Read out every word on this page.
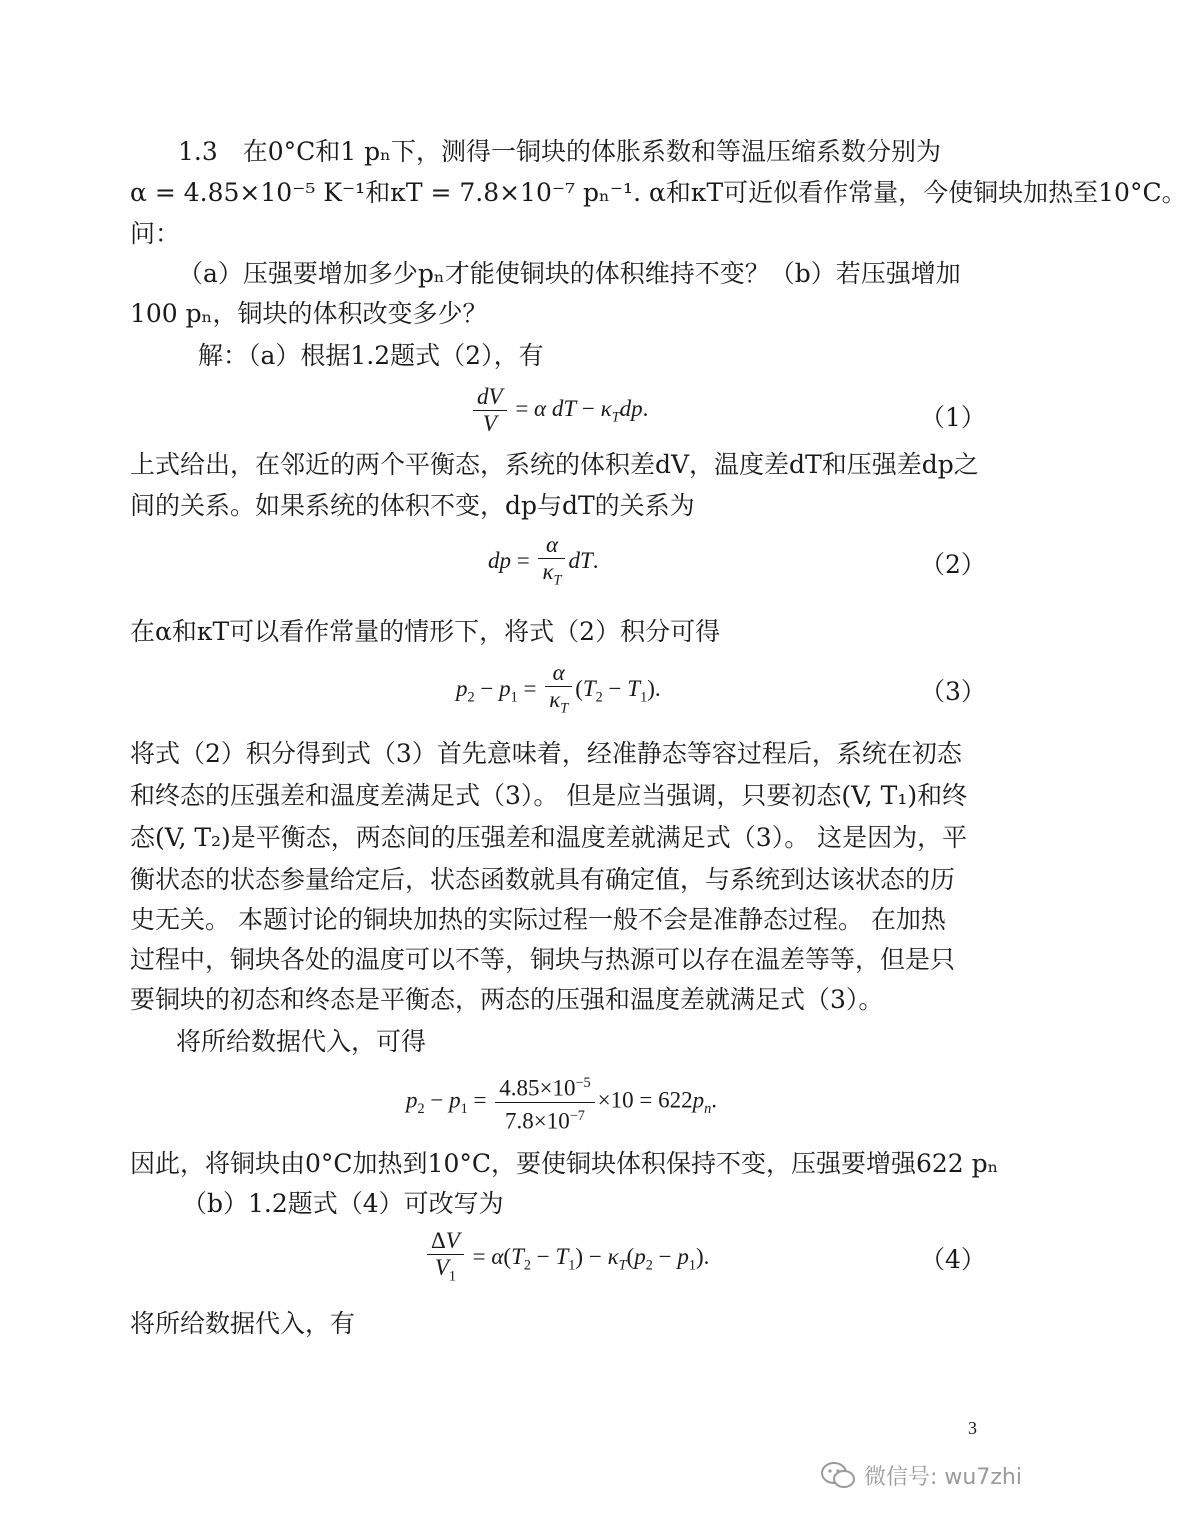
1.3　在0°C和1 pₙ下，测得一铜块的体胀系数和等温压缩系数分别为
α = 4.85×10⁻⁵ K⁻¹和κT = 7.8×10⁻⁷ pₙ⁻¹. α和κT可近似看作常量，今使铜块加热至10°C。
问：
（a）压强要增加多少pₙ才能使铜块的体积维持不变？（b）若压强增加
100 pₙ，铜块的体积改变多少？
解：（a）根据1.2题式（2），有
$\frac{dV}{V} = \alpha$ dT − $\kappa_Tdp$.	（1）
上式给出，在邻近的两个平衡态，系统的体积差dV，温度差dT和压强差dp之
间的关系。如果系统的体积不变，dp与dT的关系为
dp = $\frac{\alpha}{\kappa_T}$ dT.	（2）
在α和κT可以看作常量的情形下，将式（2）积分可得
$p_2 - p_1 = \frac{\alpha}{\kappa_T} (T_2 - T_1)$.	（3）
将式（2）积分得到式（3）首先意味着，经准静态等容过程后，系统在初态
和终态的压强差和温度差满足式（3）。 但是应当强调，只要初态(V, T₁)和终
态(V, T₂)是平衡态，两态间的压强差和温度差就满足式（3）。 这是因为，平
衡状态的状态参量给定后，状态函数就具有确定值，与系统到达该状态的历
史无关。 本题讨论的铜块加热的实际过程一般不会是准静态过程。 在加热
过程中，铜块各处的温度可以不等，铜块与热源可以存在温差等等，但是只
要铜块的初态和终态是平衡态，两态的压强和温度差就满足式（3）。
将所给数据代入，可得
$p_2 - p_1 = \frac{4.85\times 10^{-5}}{7.8\times 10^{-7}} \times 10 = 622p_n$.
因此，将铜块由0°C加热到10°C，要使铜块体积保持不变，压强要增强622 pₙ
（b）1.2题式（4）可改写为
$\frac{\Delta V}{V_1} = \alpha(T_2 - T_1) - \kappa_T(p_2 - p_1)$.	（4）
将所给数据代入，有
3
微信号: wu7zhi
